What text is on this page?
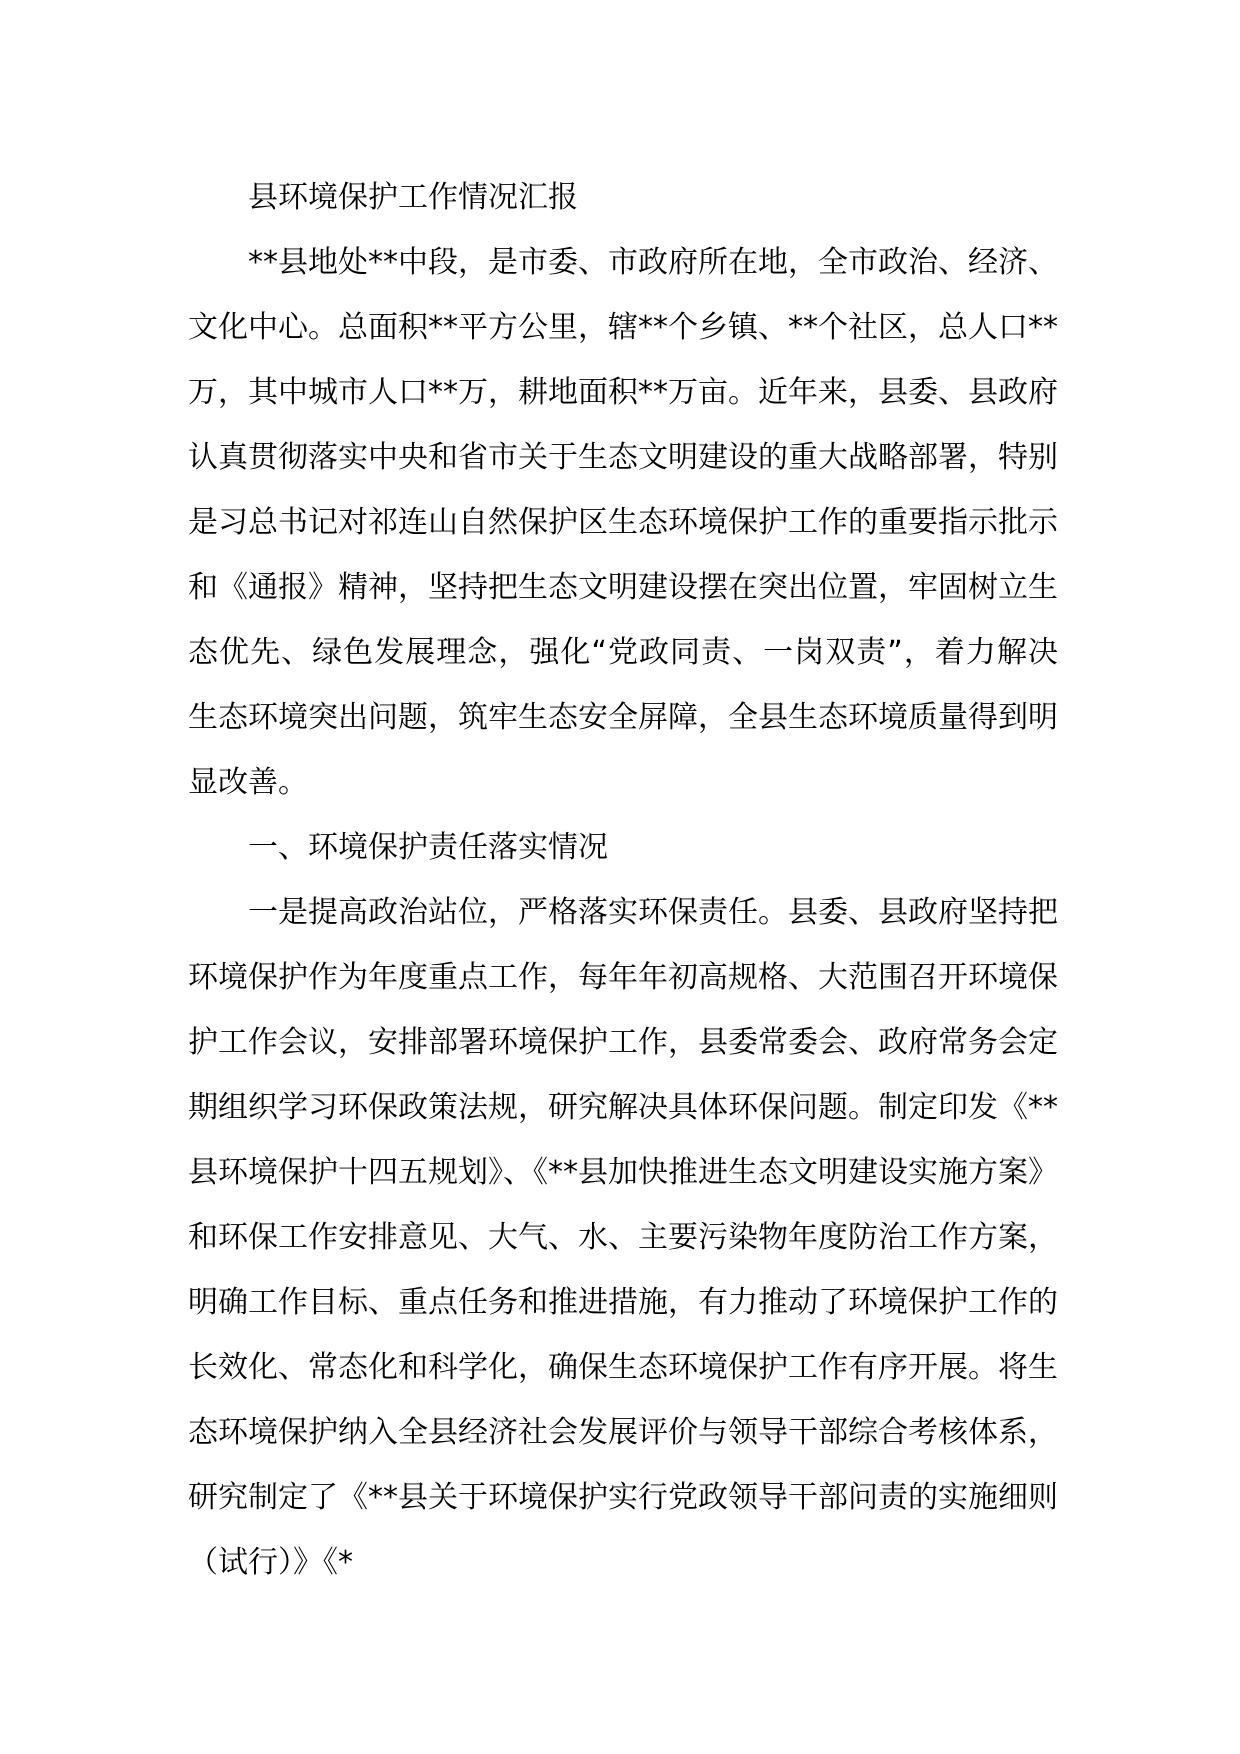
县环境保护工作情况汇报

**县地处**中段，是市委、市政府所在地，全市政治、经济、文化中心。总面积**平方公里，辖**个乡镇、**个社区，总人口**万，其中城市人口**万，耕地面积**万亩。近年来，县委、县政府认真贯彻落实中央和省市关于生态文明建设的重大战略部署，特别是习总书记对祁连山自然保护区生态环境保护工作的重要指示批示和《通报》精神，坚持把生态文明建设摆在突出位置，牢固树立生态优先、绿色发展理念，强化“党政同责、一岗双责”，着力解决生态环境突出问题，筑牢生态安全屏障，全县生态环境质量得到明显改善。

一、环境保护责任落实情况

一是提高政治站位，严格落实环保责任。县委、县政府坚持把环境保护作为年度重点工作，每年年初高规格、大范围召开环境保护工作会议，安排部署环境保护工作，县委常委会、政府常务会定期组织学习环保政策法规，研究解决具体环保问题。制定印发《**县环境保护十四五规划》、《**县加快推进生态文明建设实施方案》和环保工作安排意见、大气、水、主要污染物年度防治工作方案，明确工作目标、重点任务和推进措施，有力推动了环境保护工作的长效化、常态化和科学化，确保生态环境保护工作有序开展。将生态环境保护纳入全县经济社会发展评价与领导干部综合考核体系，研究制定了《**县关于环境保护实行党政领导干部问责的实施细则（试行）》《*
